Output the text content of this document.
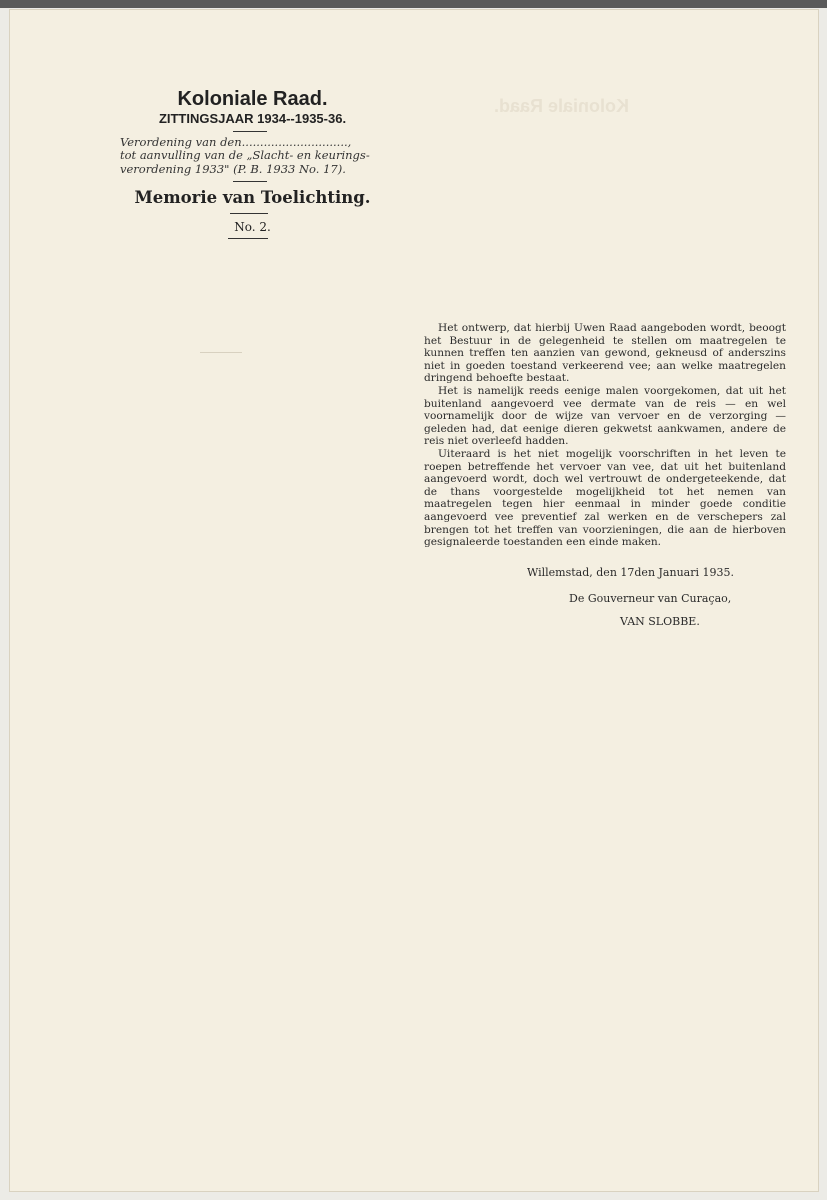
Koloniale Raad.
Koloniale Raad.
ZITTINGSJAAR 1934--1935-36.
Verordening van den.............................,
tot aanvulling van de „Slacht- en keurings-
verordening 1933" (P. B. 1933 No. 17).
Memorie van Toelichting.
No. 2.

Het ontwerp, dat hierbij Uwen Raad aangeboden wordt, beoogt het Bestuur in de gelegenheid te stellen om maatregelen te kunnen treffen ten aanzien van gewond, gekneusd of anderszins niet in goeden toestand verkeerend vee; aan welke maatregelen dringend behoefte bestaat.

Het is namelijk reeds eenige malen voorgekomen, dat uit het buitenland aangevoerd vee dermate van de reis — en wel voornamelijk door de wijze van vervoer en de verzorging — geleden had, dat eenige dieren gekwetst aankwamen, andere de reis niet overleefd hadden.

Uiteraard is het niet mogelijk voorschriften in het leven te roepen betreffende het vervoer van vee, dat uit het buitenland aangevoerd wordt, doch wel vertrouwt de ondergeteekende, dat de thans voorgestelde mogelijkheid tot het nemen van maatregelen tegen hier eenmaal in minder goede conditie aangevoerd vee preventief zal werken en de verschepers zal brengen tot het treffen van voorzieningen, die aan de hierboven gesignaleerde toestanden een einde maken.

Willemstad, den 17den Januari 1935.
De Gouverneur van Curaçao,
VAN SLOBBE.
